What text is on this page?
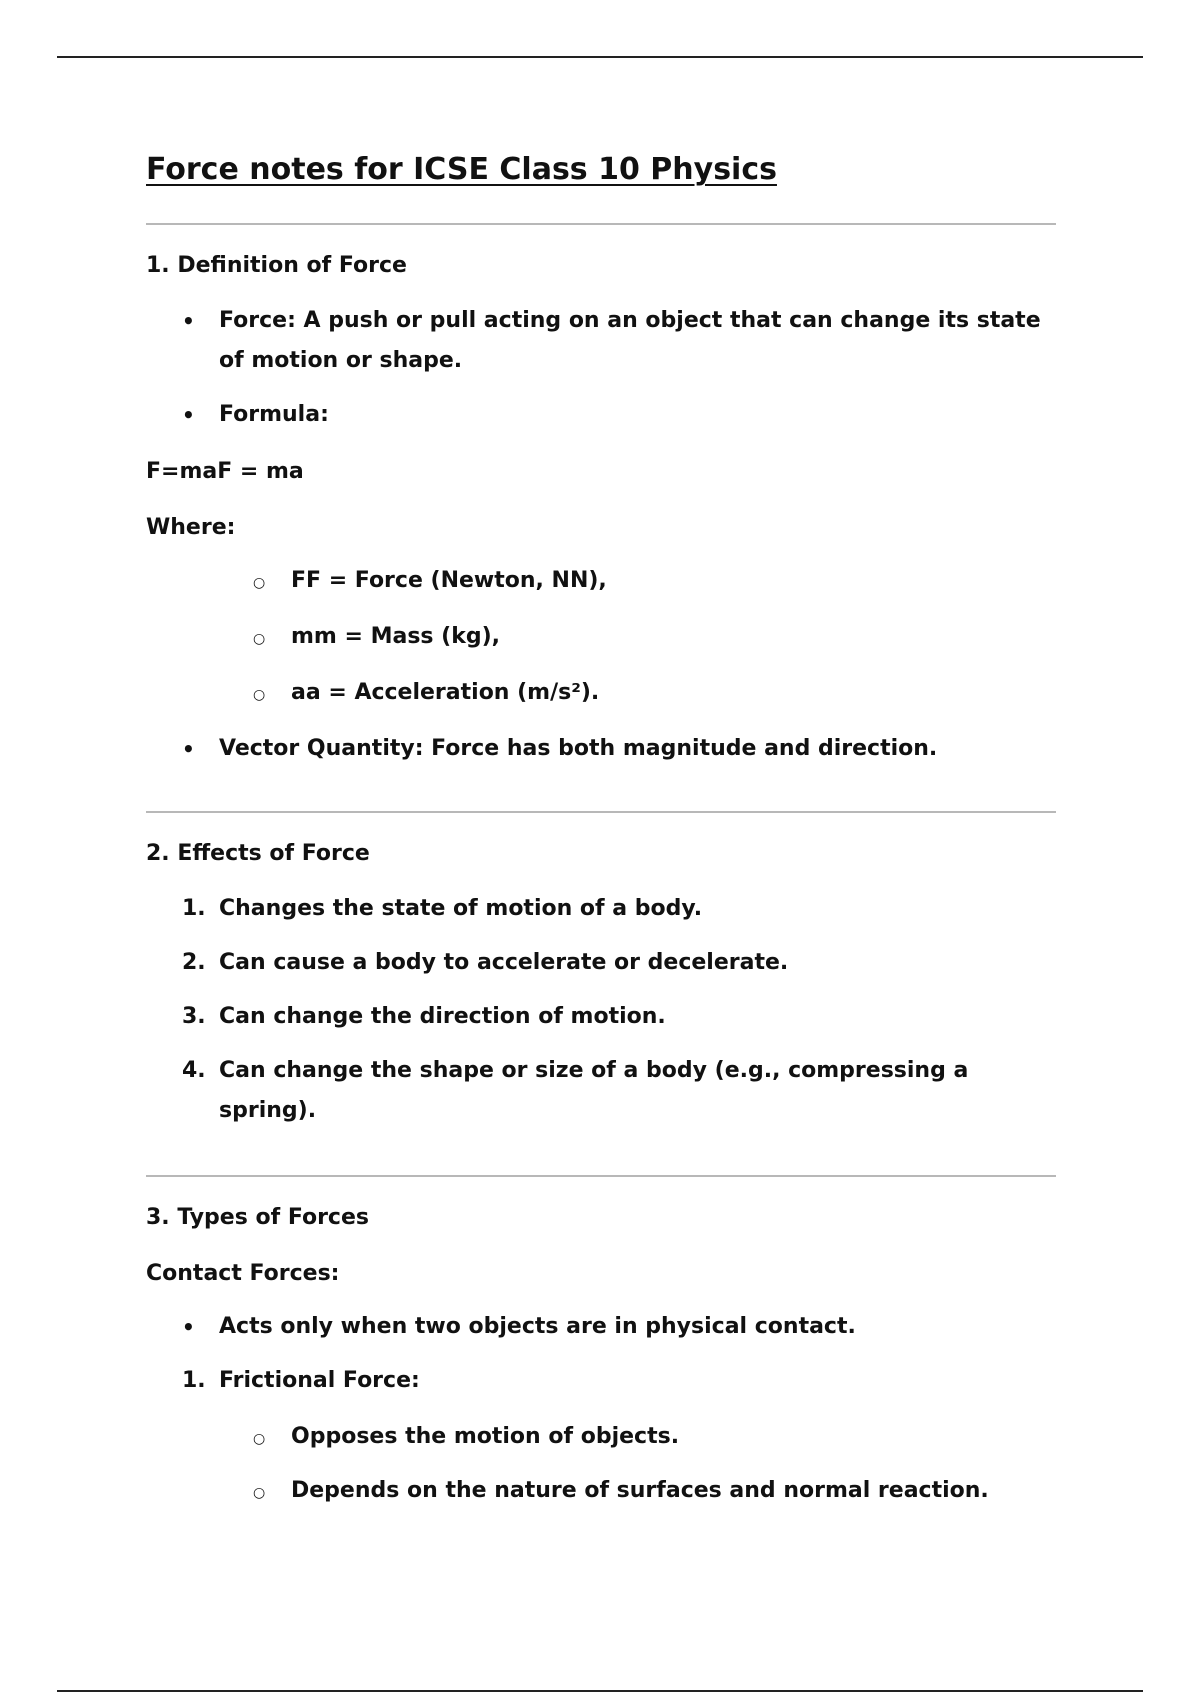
Force notes for ICSE Class 10 Physics

1. Definition of Force

• Force: A push or pull acting on an object that can change its state of motion or shape.
• Formula:

F=maF = ma

Where:

○ FF = Force (Newton, NN),
○ mm = Mass (kg),
○ aa = Acceleration (m/s²).
• Vector Quantity: Force has both magnitude and direction.

2. Effects of Force

1. Changes the state of motion of a body.
2. Can cause a body to accelerate or decelerate.
3. Can change the direction of motion.
4. Can change the shape or size of a body (e.g., compressing a spring).

3. Types of Forces

Contact Forces:

• Acts only when two objects are in physical contact.
1. Frictional Force:
○ Opposes the motion of objects.
○ Depends on the nature of surfaces and normal reaction.
